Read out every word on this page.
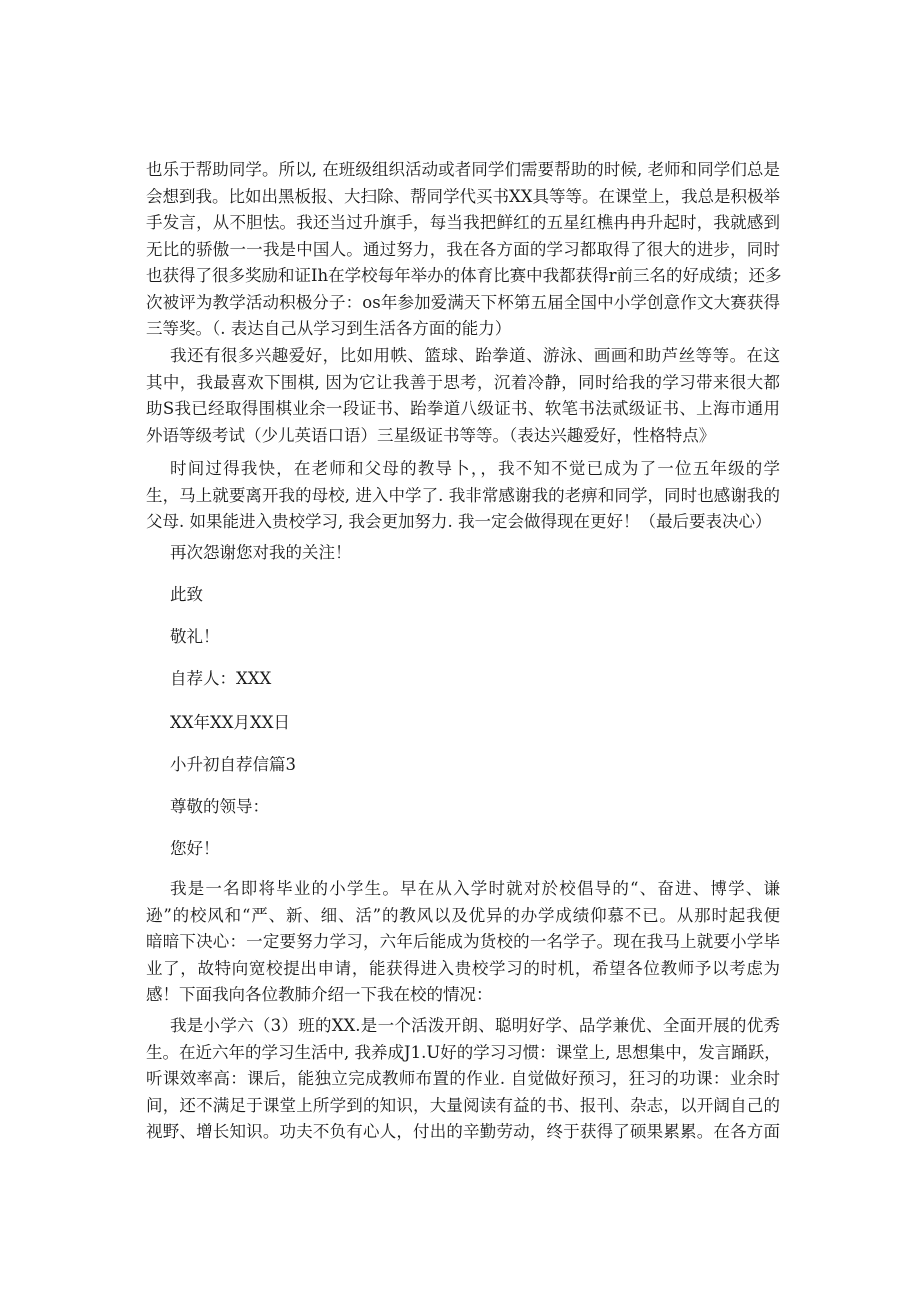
也乐于帮助同学。所以, 在班级组织活动或者同学们需要帮助的时候, 老师和同学们总是
会想到我。比如出黑板报、大扫除、帮同学代买书XX具等等。在课堂上，我总是积极举
手发言，从不胆怯。我还当过升旗手，每当我把鲜红的五星红樵冉冉升起时，我就感到
无比的骄傲一一我是中国人。通过努力，我在各方面的学习都取得了很大的进步，同时
也获得了很多奖励和证Ih在学校每年举办的体育比赛中我都获得r前三名的好成绩；还多
次被评为教学活动积极分子：os年参加爱满天下杯第五届全国中小学创意作文大赛获得
三等奖。（. 表达自己从学习到生活各方面的能力）

我还有很多兴趣爱好，比如用帙、篮球、跆拳道、游泳、画画和助芦丝等等。在这
其中，我最喜欢下围棋, 因为它让我善于思考，沉着冷静，同时给我的学习带来很大都
助S我已经取得围棋业余一段证书、跆拳道八级证书、软笔书法贰级证书、上海市通用
外语等级考试（少儿英语口语）三星级证书等等。（表达兴趣爱好，性格特点》

时间过得我快，在老师和父母的教导卜，，我不知不觉已成为了一位五年级的学
生，马上就要离开我的母校, 进入中学了. 我非常感谢我的老痹和同学，同时也感谢我的
父母. 如果能进入贵校学习, 我会更加努力. 我一定会做得现在更好！（最后要表决心）

再次怨谢您对我的关注！

此致

敬礼！

自荐人：XXX

XX年XX月XX日

小升初自荐信篇3

尊敬的领导：

您好！

我是一名即将毕业的小学生。早在从入学时就对於校倡导的“、奋进、博学、谦
逊”的校风和“严、新、细、活”的教风以及优异的办学成绩仰慕不已。从那时起我便
暗暗下决心：一定要努力学习，六年后能成为货校的一名学子。现在我马上就要小学毕
业了，故特向宽校提出申请，能获得进入贵校学习的时机，希望各位教师予以考虑为
感！下面我向各位教肺介绍一下我在校的情况：

我是小学六（3）班的XX.是一个活泼开朗、聪明好学、品学兼优、全面开展的优秀
生。在近六年的学习生活中, 我养成J1.U好的学习习惯：课堂上, 思想集中，发言踊跃，
听课效率高：课后，能独立完成教师布置的作业. 自觉做好预习，狂习的功课：业余时
间，还不满足于课堂上所学到的知识，大量阅读有益的书、报刊、杂志，以开阔自己的
视野、增长知识。功夫不负有心人，付出的辛勤劳动，终于获得了硕果累累。在各方面
